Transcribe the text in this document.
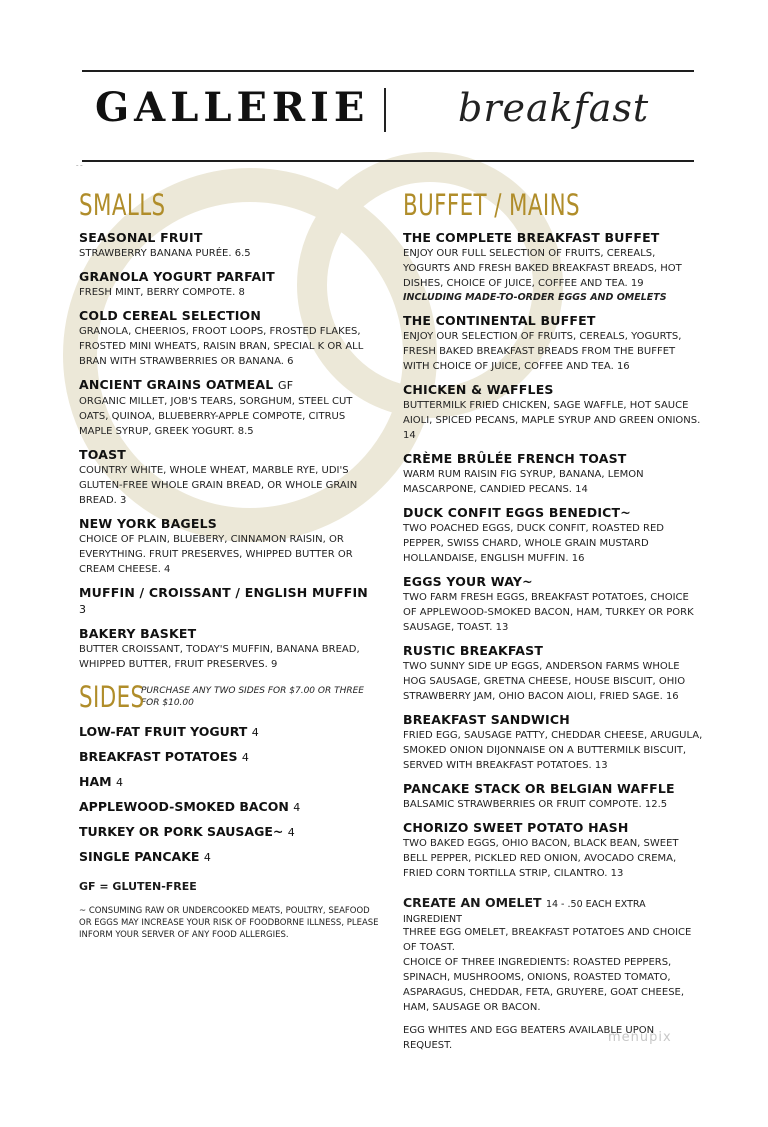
GALLERIE breakfast
– –
SMALLS
SEASONAL FRUIT
STRAWBERRY BANANA PURÉE. 6.5
GRANOLA YOGURT PARFAIT
FRESH MINT, BERRY COMPOTE. 8
COLD CEREAL SELECTION
GRANOLA, CHEERIOS, FROOT LOOPS, FROSTED FLAKES, FROSTED MINI WHEATS, RAISIN BRAN, SPECIAL K OR ALL BRAN WITH STRAWBERRIES OR BANANA. 6
ANCIENT GRAINS OATMEAL GF
ORGANIC MILLET, JOB'S TEARS, SORGHUM, STEEL CUT OATS, QUINOA, BLUEBERRY-APPLE COMPOTE, CITRUS MAPLE SYRUP, GREEK YOGURT. 8.5
TOAST
COUNTRY WHITE, WHOLE WHEAT, MARBLE RYE, UDI'S GLUTEN-FREE WHOLE GRAIN BREAD, OR WHOLE GRAIN BREAD. 3
NEW YORK BAGELS
CHOICE OF PLAIN, BLUEBERY, CINNAMON RAISIN, OR EVERYTHING. FRUIT PRESERVES, WHIPPED BUTTER OR CREAM CHEESE. 4
MUFFIN / CROISSANT / ENGLISH MUFFIN 3
BAKERY BASKET
BUTTER CROISSANT, TODAY'S MUFFIN, BANANA BREAD, WHIPPED BUTTER, FRUIT PRESERVES. 9
SIDES
PURCHASE ANY TWO SIDES FOR $7.00 OR THREE FOR $10.00
LOW-FAT FRUIT YOGURT 4
BREAKFAST POTATOES 4
HAM 4
APPLEWOOD-SMOKED BACON 4
TURKEY OR PORK SAUSAGE~ 4
SINGLE PANCAKE 4
GF = GLUTEN-FREE
~ CONSUMING RAW OR UNDERCOOKED MEATS, POULTRY, SEAFOOD OR EGGS MAY INCREASE YOUR RISK OF FOODBORNE ILLNESS, PLEASE INFORM YOUR SERVER OF ANY FOOD ALLERGIES.
BUFFET / MAINS
THE COMPLETE BREAKFAST BUFFET
ENJOY OUR FULL SELECTION OF FRUITS, CEREALS, YOGURTS AND FRESH BAKED BREAKFAST BREADS, HOT DISHES, CHOICE OF JUICE, COFFEE AND TEA. 19
INCLUDING MADE-TO-ORDER EGGS AND OMELETS
THE CONTINENTAL BUFFET
ENJOY OUR SELECTION OF FRUITS, CEREALS, YOGURTS, FRESH BAKED BREAKFAST BREADS FROM THE BUFFET WITH CHOICE OF JUICE, COFFEE AND TEA. 16
CHICKEN & WAFFLES
BUTTERMILK FRIED CHICKEN, SAGE WAFFLE, HOT SAUCE AIOLI, SPICED PECANS, MAPLE SYRUP AND GREEN ONIONS. 14
CRÈME BRÛLÉE FRENCH TOAST
WARM RUM RAISIN FIG SYRUP, BANANA, LEMON MASCARPONE, CANDIED PECANS. 14
DUCK CONFIT EGGS BENEDICT~
TWO POACHED EGGS, DUCK CONFIT, ROASTED RED PEPPER, SWISS CHARD, WHOLE GRAIN MUSTARD HOLLANDAISE, ENGLISH MUFFIN. 16
EGGS YOUR WAY~
TWO FARM FRESH EGGS, BREAKFAST POTATOES, CHOICE OF APPLEWOOD-SMOKED BACON, HAM, TURKEY OR PORK SAUSAGE, TOAST. 13
RUSTIC BREAKFAST
TWO SUNNY SIDE UP EGGS, ANDERSON FARMS WHOLE HOG SAUSAGE, GRETNA CHEESE, HOUSE BISCUIT, OHIO STRAWBERRY JAM, OHIO BACON AIOLI, FRIED SAGE. 16
BREAKFAST SANDWICH
FRIED EGG, SAUSAGE PATTY, CHEDDAR CHEESE, ARUGULA, SMOKED ONION DIJONNAISE ON A BUTTERMILK BISCUIT, SERVED WITH BREAKFAST POTATOES. 13
PANCAKE STACK OR BELGIAN WAFFLE
BALSAMIC STRAWBERRIES OR FRUIT COMPOTE. 12.5
CHORIZO SWEET POTATO HASH
TWO BAKED EGGS, OHIO BACON, BLACK BEAN, SWEET BELL PEPPER, PICKLED RED ONION, AVOCADO CREMA, FRIED CORN TORTILLA STRIP, CILANTRO. 13
CREATE AN OMELET 14 - .50 EACH EXTRA INGREDIENT
THREE EGG OMELET, BREAKFAST POTATOES AND CHOICE OF TOAST.
CHOICE OF THREE INGREDIENTS: ROASTED PEPPERS, SPINACH, MUSHROOMS, ONIONS, ROASTED TOMATO, ASPARAGUS, CHEDDAR, FETA, GRUYERE, GOAT CHEESE, HAM, SAUSAGE OR BACON.
EGG WHITES AND EGG BEATERS AVAILABLE UPON REQUEST.
menupix
